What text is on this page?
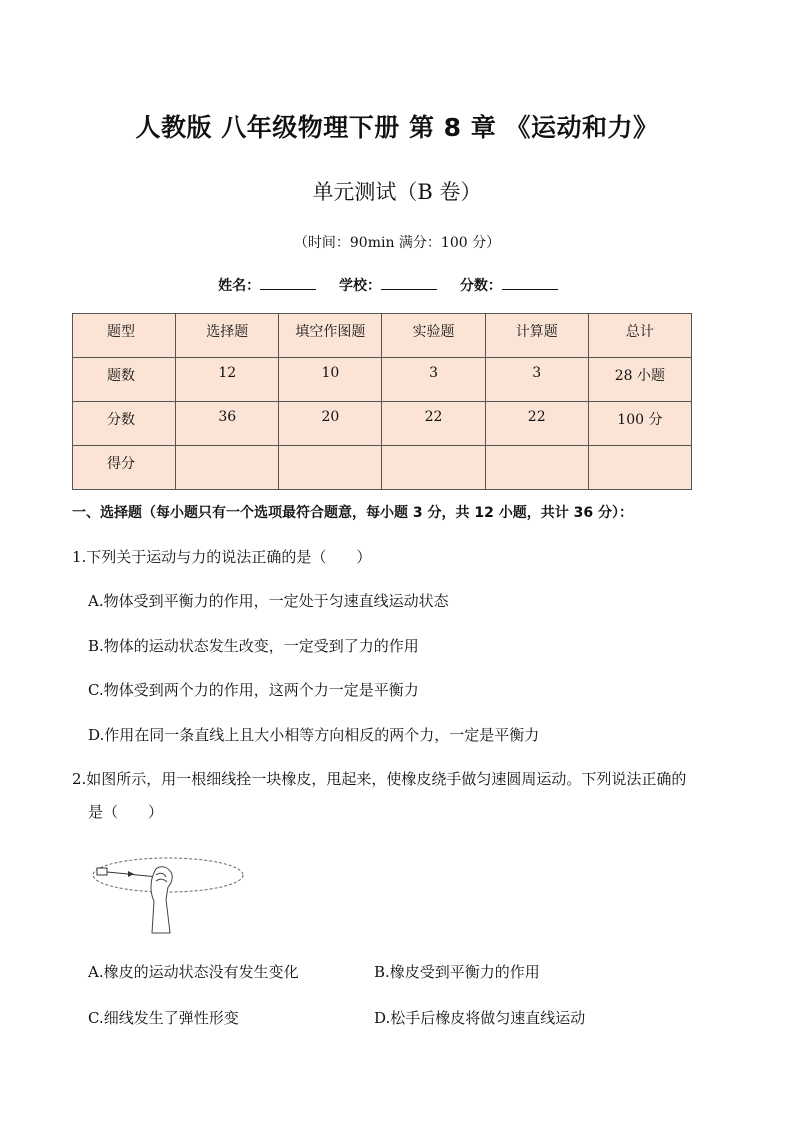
人教版 八年级物理下册 第 8 章 《运动和力》
单元测试（B 卷）
（时间：90min 满分：100 分）
姓名：	学校：	分数：
题型	选择题	填空作图题	实验题	计算题	总计
题数	12	10	3	3	28 小题
分数	36	20	22	22	100 分
得分					
一、选择题（每小题只有一个选项最符合题意，每小题 3 分，共 12 小题，共计 36 分）：
1.下列关于运动与力的说法正确的是（　　）
A.物体受到平衡力的作用，一定处于匀速直线运动状态
B.物体的运动状态发生改变，一定受到了力的作用
C.物体受到两个力的作用，这两个力一定是平衡力
D.作用在同一条直线上且大小相等方向相反的两个力，一定是平衡力
2.如图所示，用一根细线拴一块橡皮，甩起来，使橡皮绕手做匀速圆周运动。下列说法正确的
是（　　）
A.橡皮的运动状态没有发生变化	B.橡皮受到平衡力的作用
C.细线发生了弹性形变	D.松手后橡皮将做匀速直线运动
